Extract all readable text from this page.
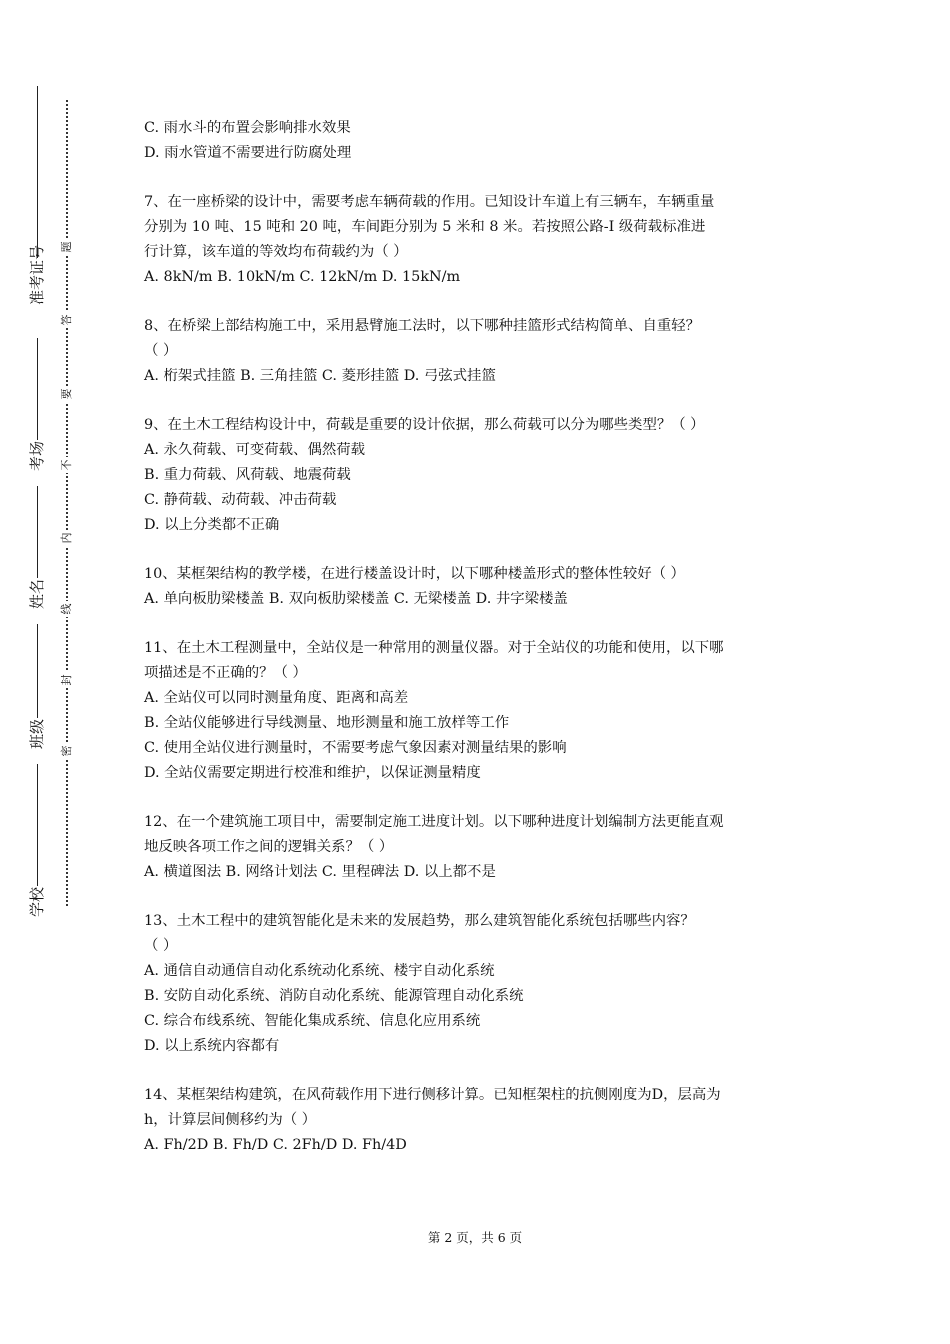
准考证号
考场
姓名
班级
学校
题
答
要
不
内
线
封
密
C. 雨水斗的布置会影响排水效果
D. 雨水管道不需要进行防腐处理
7、在一座桥梁的设计中，需要考虑车辆荷载的作用。已知设计车道上有三辆车，车辆重量
分别为 10 吨、15 吨和 20 吨，车间距分别为 5 米和 8 米。若按照公路-I 级荷载标准进
行计算，该车道的等效均布荷载约为（ ）
A. 8kN/m B. 10kN/m C. 12kN/m D. 15kN/m
8、在桥梁上部结构施工中，采用悬臂施工法时，以下哪种挂篮形式结构简单、自重轻？
（ ）
A. 桁架式挂篮 B. 三角挂篮 C. 菱形挂篮 D. 弓弦式挂篮
9、在土木工程结构设计中，荷载是重要的设计依据，那么荷载可以分为哪些类型？（ ）
A. 永久荷载、可变荷载、偶然荷载
B. 重力荷载、风荷载、地震荷载
C. 静荷载、动荷载、冲击荷载
D. 以上分类都不正确
10、某框架结构的教学楼，在进行楼盖设计时，以下哪种楼盖形式的整体性较好（ ）
A. 单向板肋梁楼盖 B. 双向板肋梁楼盖 C. 无梁楼盖 D. 井字梁楼盖
11、在土木工程测量中，全站仪是一种常用的测量仪器。对于全站仪的功能和使用，以下哪
项描述是不正确的？（ ）
A. 全站仪可以同时测量角度、距离和高差
B. 全站仪能够进行导线测量、地形测量和施工放样等工作
C. 使用全站仪进行测量时，不需要考虑气象因素对测量结果的影响
D. 全站仪需要定期进行校准和维护，以保证测量精度
12、在一个建筑施工项目中，需要制定施工进度计划。以下哪种进度计划编制方法更能直观
地反映各项工作之间的逻辑关系？（ ）
A. 横道图法 B. 网络计划法 C. 里程碑法 D. 以上都不是
13、土木工程中的建筑智能化是未来的发展趋势，那么建筑智能化系统包括哪些内容？
（ ）
A. 通信自动通信自动化系统动化系统、楼宇自动化系统
B. 安防自动化系统、消防自动化系统、能源管理自动化系统
C. 综合布线系统、智能化集成系统、信息化应用系统
D. 以上系统内容都有
14、某框架结构建筑，在风荷载作用下进行侧移计算。已知框架柱的抗侧刚度为D，层高为
h，计算层间侧移约为（ ）
A. Fh/2D B. Fh/D C. 2Fh/D D. Fh/4D
第 2 页，共 6 页
